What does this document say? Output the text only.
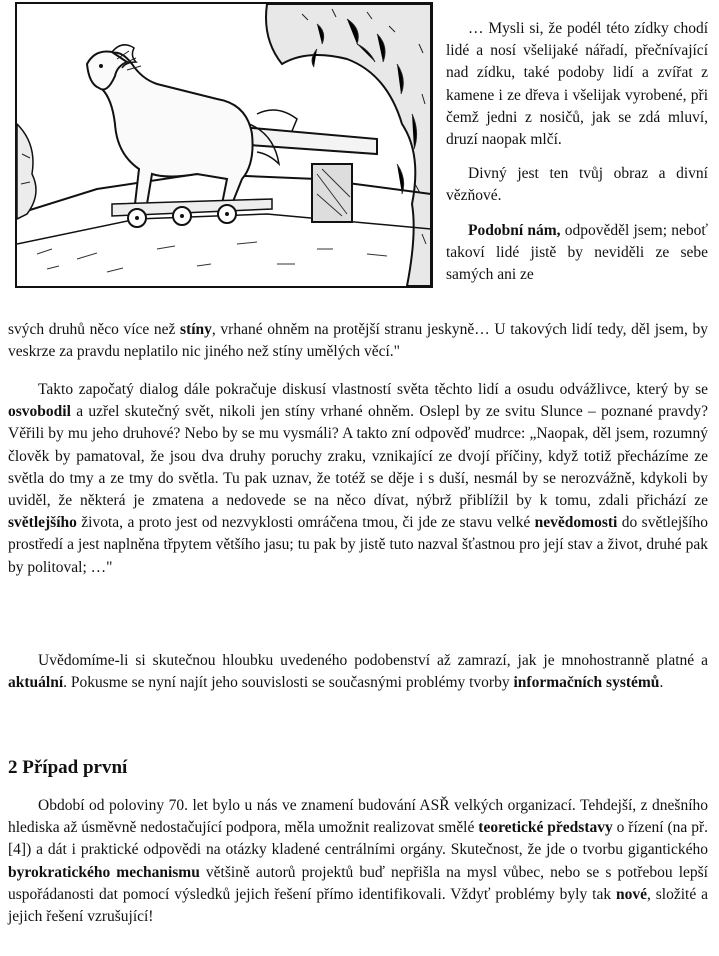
… Mysli si, že podél této zídky chodí lidé a nosí všelijaké nářadí, přečnívající nad zídku, také podoby lidí a zvířat z kamene i ze dřeva i všelijak vyrobené, při čemž jedni z nosičů, jak se zdá mluví, druzí naopak mlčí.

Divný jest ten tvůj obraz a divní vězňové.

Podobní nám, odpověděl jsem; neboť takoví lidé jistě by neviděli ze sebe samých ani ze

svých druhů něco více než stíny, vrhané ohněm na protější stranu jeskyně… U takových lidí tedy, děl jsem, by veskrze za pravdu neplatilo nic jiného než stíny umělých věcí."

Takto započatý dialog dále pokračuje diskusí vlastností světa těchto lidí a osudu odvážlivce, který by se osvobodil a uzřel skutečný svět, nikoli jen stíny vrhané ohněm. Oslepl by ze svitu Slunce – poznané pravdy? Věřili by mu jeho druhové? Nebo by se mu vysmáli? A takto zní odpověď mudrce: „Naopak, děl jsem, rozumný člověk by pamatoval, že jsou dva druhy poruchy zraku, vznikající ze dvojí příčiny, když totiž přecházíme ze světla do tmy a ze tmy do světla. Tu pak uznav, že totéž se děje i s duší, nesmál by se nerozvážně, kdykoli by uviděl, že některá je zmatena a nedovede se na něco dívat, nýbrž přiblížil by k tomu, zdali přichází ze světlejšího života, a proto jest od nezvyklosti omráčena tmou, či jde ze stavu velké nevědomosti do světlejšího prostředí a jest naplněna třpytem většího jasu; tu pak by jistě tuto nazval šťastnou pro její stav a život, druhé pak by politoval; …"

Uvědomíme-li si skutečnou hloubku uvedeného podobenství až zamrazí, jak je mnohostranně platné a aktuální. Pokusme se nyní najít jeho souvislosti se současnými problémy tvorby informačních systémů.

2 Případ první

Období od poloviny 70. let bylo u nás ve znamení budování ASŘ velkých organizací. Tehdejší, z dnešního hlediska až úsměvně nedostačující podpora, měla umožnit realizovat smělé teoretické představy o řízení (na př. [4]) a dát i praktické odpovědi na otázky kladené centrálními orgány. Skutečnost, že jde o tvorbu gigantického byrokratického mechanismu většině autorů projektů buď nepřišla na mysl vůbec, nebo se s potřebou lepší uspořádanosti dat pomocí výsledků jejich řešení přímo identifikovali. Vždyť problémy byly tak nové, složité a jejich řešení vzrušující!
